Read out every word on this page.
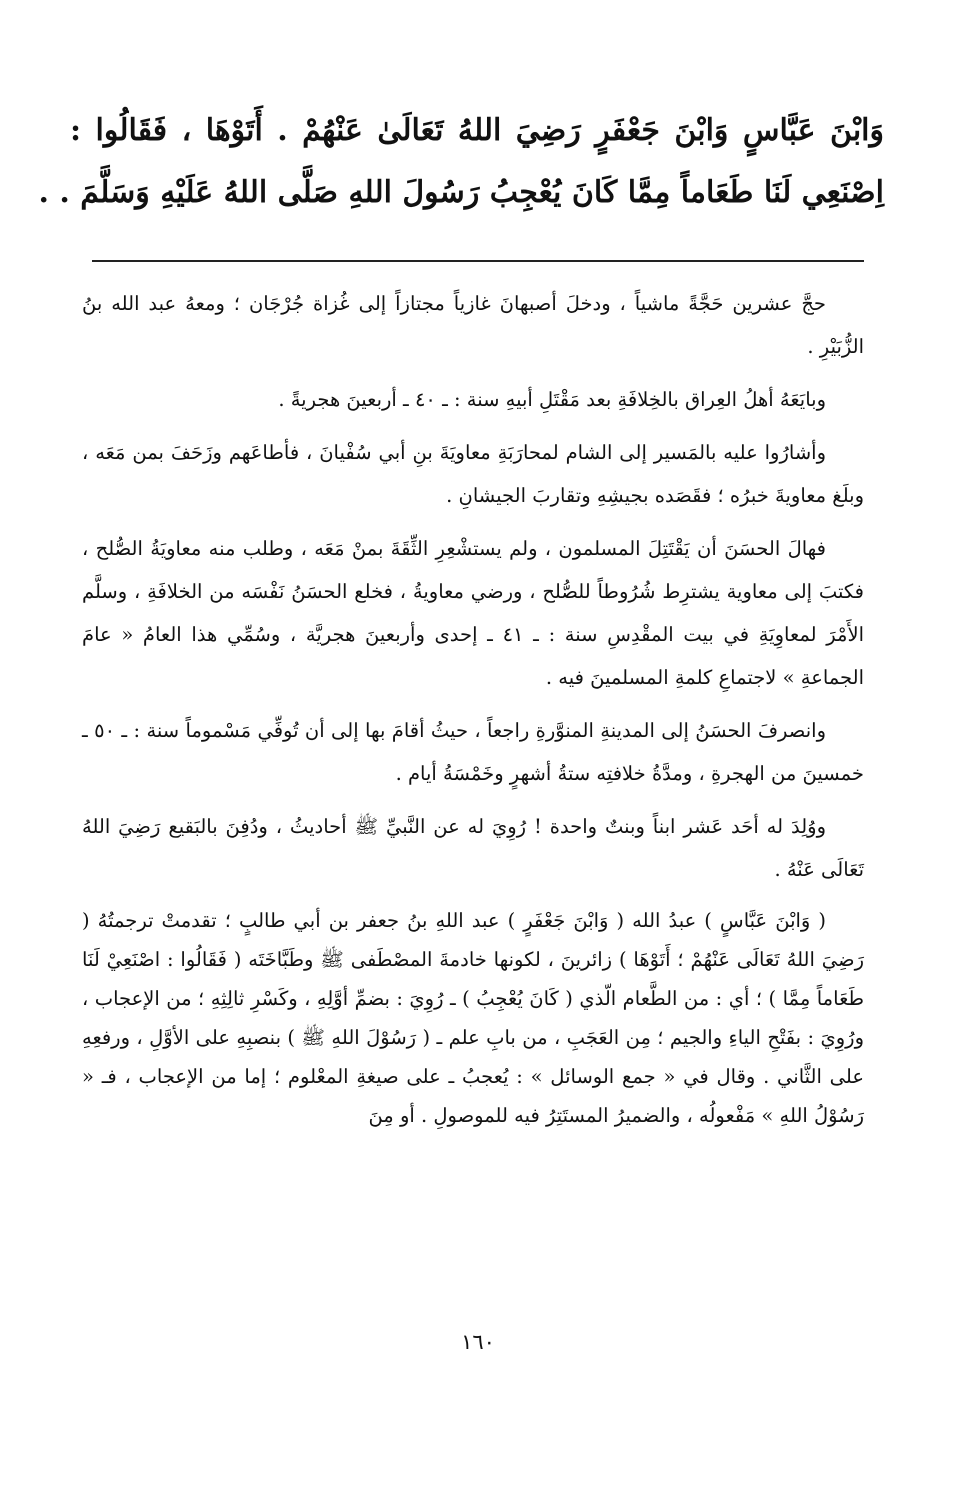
وَابْنَ عَبَّاسٍ وَابْنَ جَعْفَرٍ رَضِيَ اللهُ تَعَالَىٰ عَنْهُمْ . أَتَوْهَا ، فَقَالُوا :
اِصْنَعِي لَنَا طَعَاماً مِمَّا كَانَ يُعْجِبُ رَسُولَ اللهِ صَلَّى اللهُ عَلَيْهِ وَسَلَّمَ . .

حجَّ عشرين حَجَّةً ماشياً ، ودخلَ أصبهانَ غازياً مجتازاً إلى غُزاة جُرْجَان ؛ ومعهُ عبد الله بنُ الزُّبَيْرِ .

وبايَعَهُ أهلُ العِراق بالخِلافَةِ بعد مَقْتَلِ أبيهِ سنة : ـ ٤٠ ـ أربعينَ هجريةً .

وأشارُوا عليه بالمَسير إلى الشام لمحارَبَةِ معاويَةَ بنِ أبي سُفْيانَ ، فأطاعَهم وزَحَفَ بمن مَعَه ، وبلَغ معاويةَ خبرُه ؛ فقَصَده بجيشِهِ وتقاربَ الجيشانِ .

فهالَ الحسَنَ أن يَقْتَتِلَ المسلمون ، ولم يستشْعِرِ الثِّقَةَ بمنْ مَعَه ، وطلب منه معاويَةُ الصُّلح ، فكتبَ إلى معاوية يشترِط شُرُوطاً للصُّلح ، ورضي معاويةُ ، فخلع الحسَنُ نَفْسَه من الخلافَةِ ، وسلَّم الأَمْرَ لمعاوِيَةِ في بيت المقْدِسِ سنة : ـ ٤١ ـ إحدى وأربعينَ هجريَّة ، وسُمِّي هذا العامُ « عامَ الجماعةِ » لاجتماعِ كلمةِ المسلمينَ فيه .

وانصرفَ الحسَنُ إلى المدينةِ المنوَّرةِ راجعاً ، حيثُ أقامَ بها إلى أن تُوفِّي مَسْموماً سنة : ـ ٥٠ ـ خمسينَ من الهجرةِ ، ومدَّةُ خلافتِه ستةُ أشهرٍ وخَمْسَةُ أيام .

ووُلِدَ له أحَد عَشر ابناً وبنتٌ واحدة ! رُوِيَ له عن النَّبيِّ ﷺ أحاديثُ ، ودُفِنَ بالبَقيع رَضِيَ اللهُ تَعَالَى عَنْهُ .

( وَابْنَ عَبَّاسٍ ) عبدُ الله ( وَابْنَ جَعْفَرٍ ) عبد اللهِ بنُ جعفر بن أبي طالبٍ ؛ تقدمتْ ترجمتُهُ ( رَضِيَ اللهُ تَعَالَى عَنْهُمْ ؛ أَتَوْهَا ) زائرينَ ، لكونها خادمةَ المصْطَفى ﷺ وطَبَّاخَتَه ( فَقَالُوا : اصْنَعِيْ لَنَا طَعَاماً مِمَّا ) ؛ أي : من الطَّعام الّذي ( كَانَ يُعْجِبُ ) ـ رُوِيَ : بضمِّ أوَّلِهِ ، وكَسْرِ ثالِثِهِ ؛ من الإعجاب ، ورُوِيَ : بفَتْحِ الياءِ والجيم ؛ مِن العَجَبِ ، من بابِ علم ـ ( رَسُوْلَ اللهِ ﷺ ) بنصبِهِ على الأوَّلِ ، ورفعِهِ على الثَّاني . وقال في « جمع الوسائل » : يُعجبُ ـ على صيغةِ المعْلوم ؛ إما من الإعجاب ، فـ « رَسُوْلُ اللهِ » مَفْعولُه ، والضميرُ المستَتِرُ فيه للموصولِ . أو مِنَ

١٦٠
